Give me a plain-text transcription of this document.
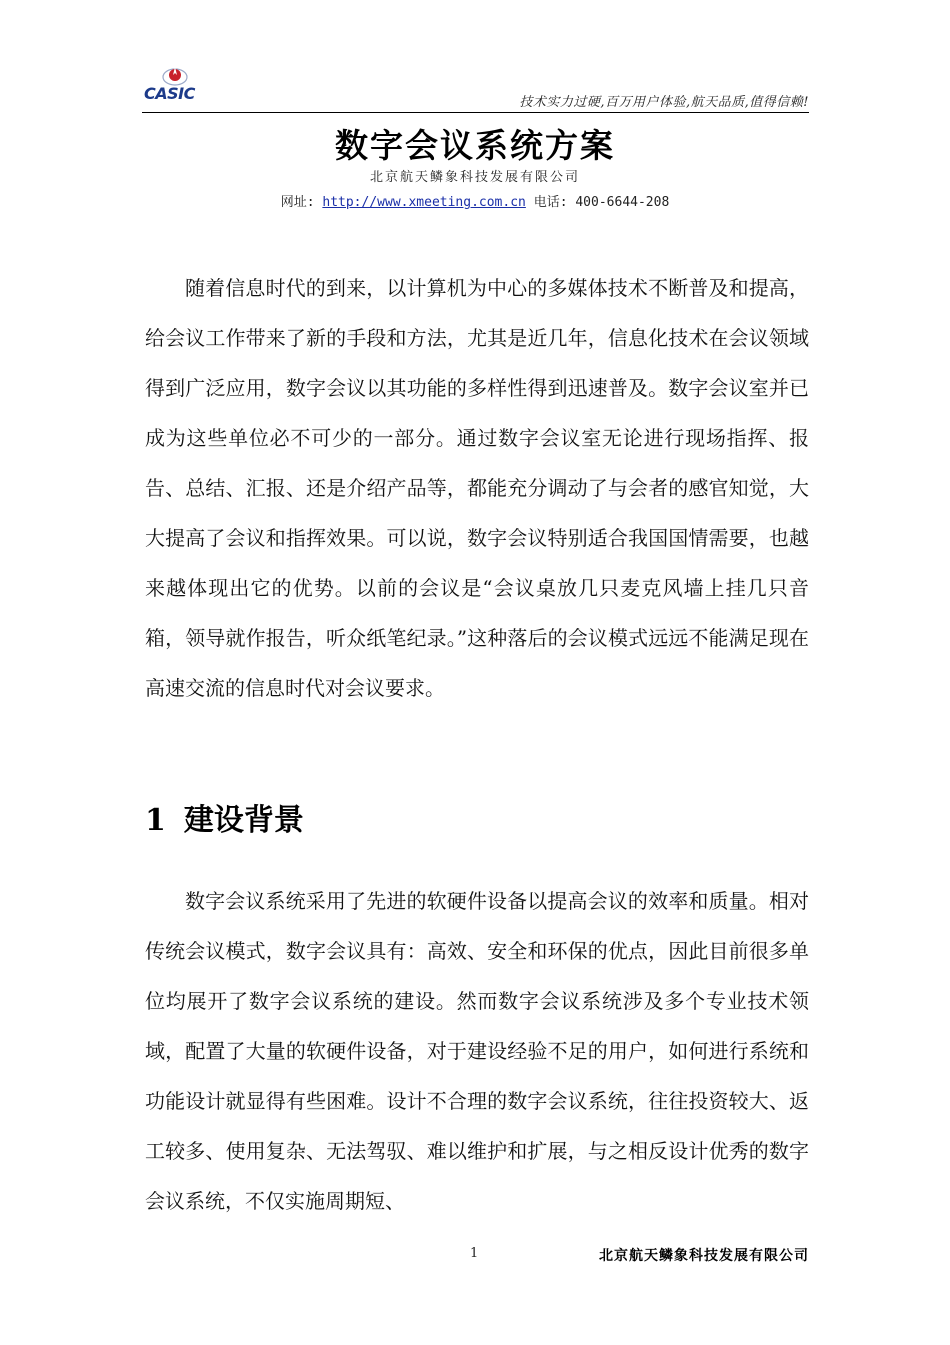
CASIC	技术实力过硬,百万用户体验,航天品质,值得信赖!
数字会议系统方案
北京航天鳞象科技发展有限公司
网址: http://www.xmeeting.com.cn 电话: 400-6644-208

随着信息时代的到来，以计算机为中心的多媒体技术不断普及和提高，给会议工作带来了新的手段和方法，尤其是近几年，信息化技术在会议领域得到广泛应用，数字会议以其功能的多样性得到迅速普及。数字会议室并已成为这些单位必不可少的一部分。通过数字会议室无论进行现场指挥、报告、总结、汇报、还是介绍产品等，都能充分调动了与会者的感官知觉，大大提高了会议和指挥效果。可以说，数字会议特别适合我国国情需要，也越来越体现出它的优势。以前的会议是“会议桌放几只麦克风墙上挂几只音箱，领导就作报告，听众纸笔纪录。”这种落后的会议模式远远不能满足现在高速交流的信息时代对会议要求。

1 建设背景

数字会议系统采用了先进的软硬件设备以提高会议的效率和质量。相对传统会议模式，数字会议具有：高效、安全和环保的优点，因此目前很多单位均展开了数字会议系统的建设。然而数字会议系统涉及多个专业技术领域，配置了大量的软硬件设备，对于建设经验不足的用户，如何进行系统和功能设计就显得有些困难。设计不合理的数字会议系统，往往投资较大、返工较多、使用复杂、无法驾驭、难以维护和扩展，与之相反设计优秀的数字会议系统，不仅实施周期短、

1	北京航天鳞象科技发展有限公司
